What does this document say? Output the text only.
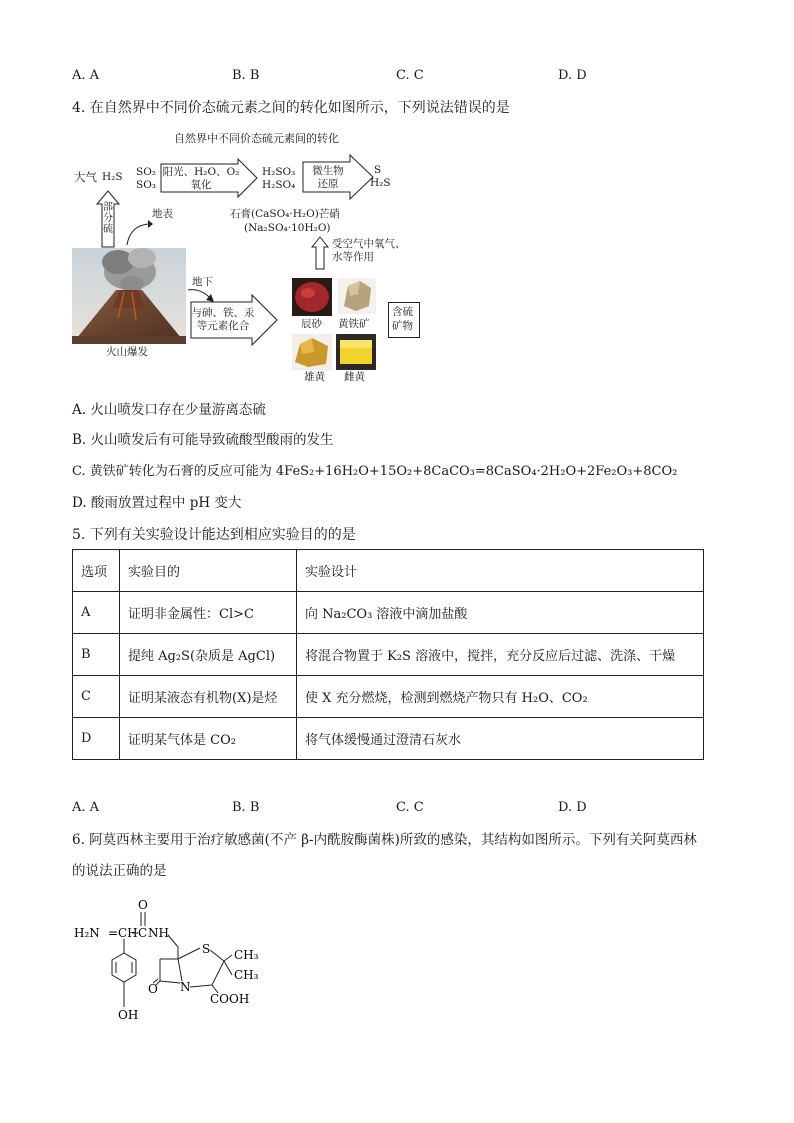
A. A	B. B	C. C	D. D
4. 在自然界中不同价态硫元素之间的转化如图所示，下列说法错误的是
自然界中不同价态硫元素间的转化
大气 H₂S SO₂
SO₃
阳光、H₂O、O₂
氧化
H₂SO₃
H₂SO₄
微生物
还原
S
H₂S
部分硫
地表	石膏(CaSO₄·H₂O)芒硝
(Na₂SO₄·10H₂O)
受空气中氧气、
水等作用
火山爆发
地下
与砷、铁、汞
等元素化合	辰砂 黄铁矿
雄黄 雌黄
含硫
矿物
A. 火山喷发口存在少量游离态硫
B. 火山喷发后有可能导致硫酸型酸雨的发生
C. 黄铁矿转化为石膏的反应可能为 4FeS₂+16H₂O+15O₂+8CaCO₃=8CaSO₄·2H₂O+2Fe₂O₃+8CO₂
D. 酸雨放置过程中 pH 变大
5. 下列有关实验设计能达到相应实验目的的是
选项	实验目的	实验设计
A	证明非金属性：Cl>C	向 Na₂CO₃ 溶液中滴加盐酸
B	提纯 Ag₂S(杂质是 AgCl)	将混合物置于 K₂S 溶液中，搅拌，充分反应后过滤、洗涤、干燥
C	证明某液态有机物(X)是烃	使 X 充分燃烧，检测到燃烧产物只有 H₂O、CO₂
D	证明某气体是 CO₂	将气体缓慢通过澄清石灰水
A. A	B. B	C. C	D. D
6. 阿莫西林主要用于治疗敏感菌(不产 β-内酰胺酶菌株)所致的感染，其结构如图所示。下列有关阿莫西林
的说法正确的是
H₂N = CH
O
C NH
S CH₃
CH₃
N
O
COOH
OH
